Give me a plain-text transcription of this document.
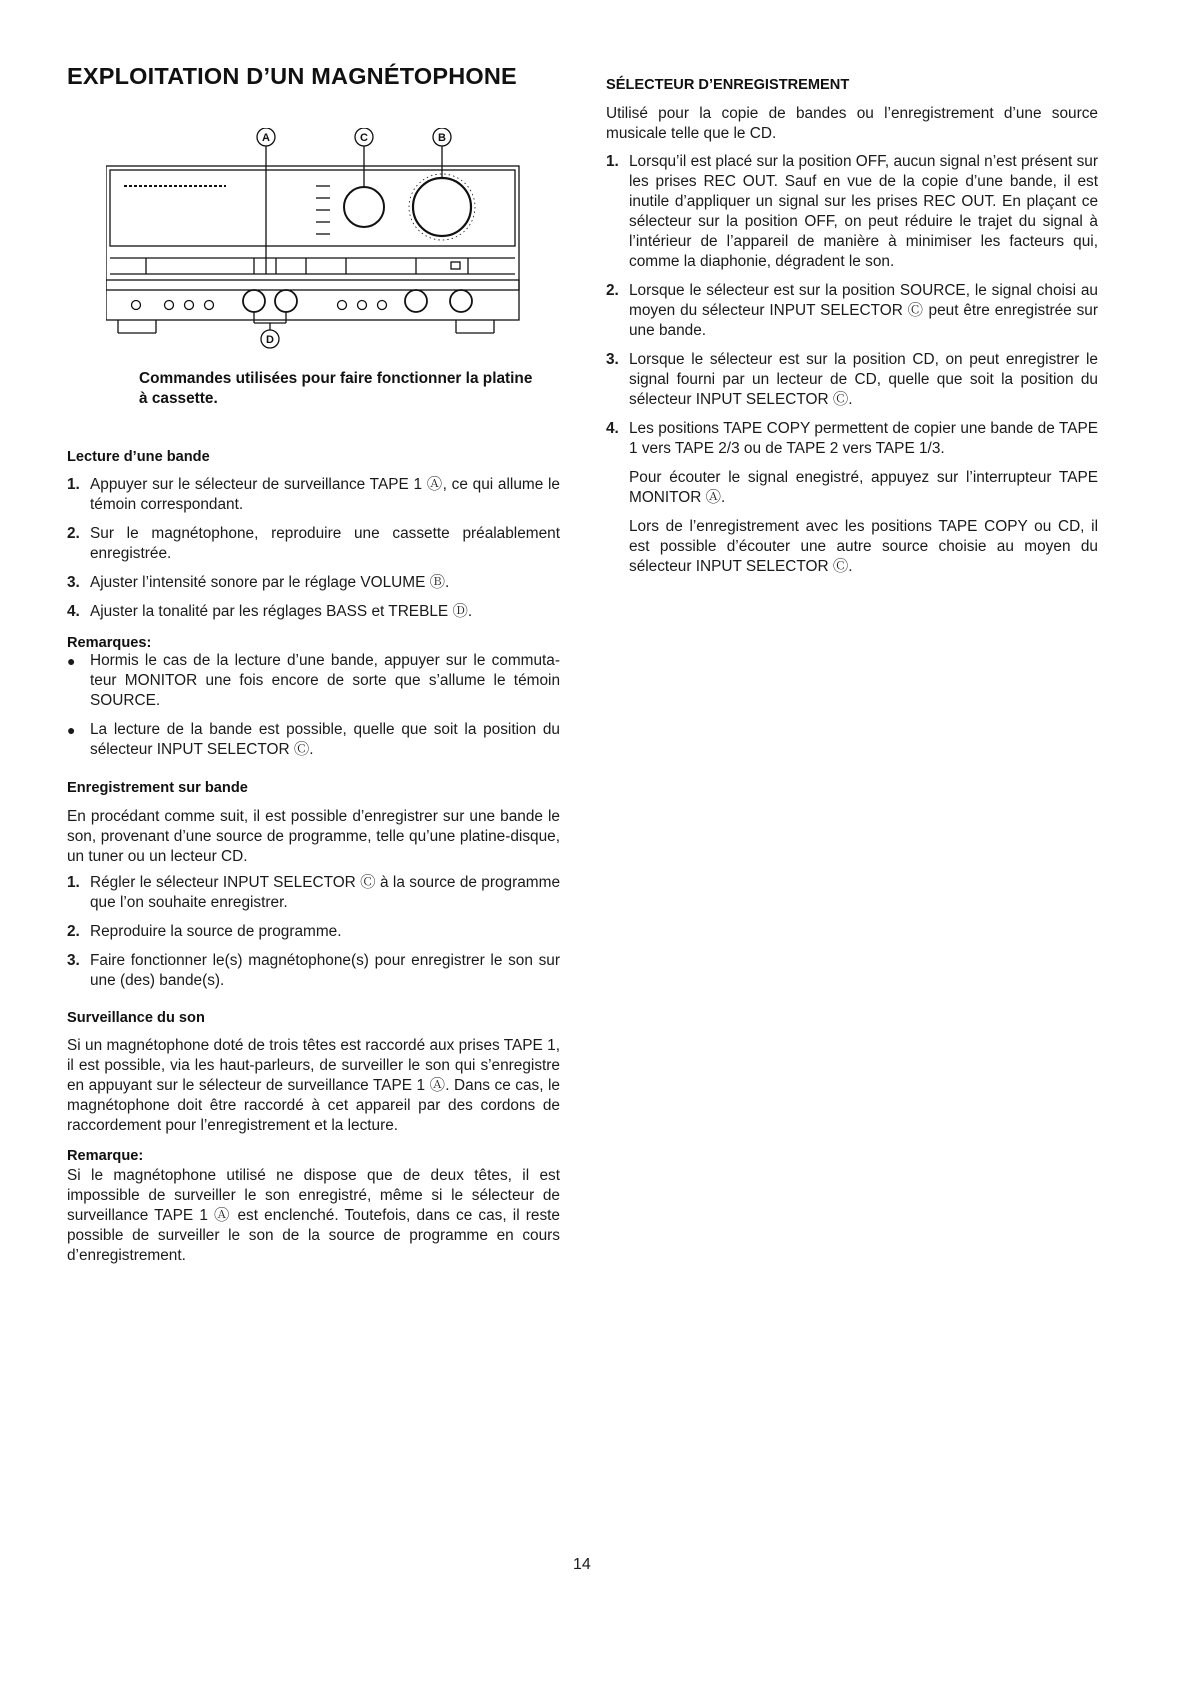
EXPLOITATION D’UN MAGNÉTOPHONE
A	C	B
D
Commandes utilisées pour faire fonctionner la platine à cassette.
Lecture d’une bande
1. Appuyer sur le sélecteur de surveillance TAPE 1 Ⓐ, ce qui allume le témoin correspondant.
2. Sur le magnétophone, reproduire une cassette préalablement enregistrée.
3. Ajuster l’intensité sonore par le réglage VOLUME Ⓑ.
4. Ajuster la tonalité par les réglages BASS et TREBLE Ⓓ.
Remarques:
● Hormis le cas de la lecture d’une bande, appuyer sur le commuta-teur MONITOR une fois encore de sorte que s’allume le témoin SOURCE.
● La lecture de la bande est possible, quelle que soit la position du sélecteur INPUT SELECTOR Ⓒ.
Enregistrement sur bande

En procédant comme suit, il est possible d’enregistrer sur une bande le son, provenant d’une source de programme, telle qu’une platine-disque, un tuner ou un lecteur CD.

1. Régler le sélecteur INPUT SELECTOR Ⓒ à la source de programme que l’on souhaite enregistrer.
2. Reproduire la source de programme.
3. Faire fonctionner le(s) magnétophone(s) pour enregistrer le son sur une (des) bande(s).
Surveillance du son

Si un magnétophone doté de trois têtes est raccordé aux prises TAPE 1, il est possible, via les haut-parleurs, de surveiller le son qui s’enregistre en appuyant sur le sélecteur de surveillance TAPE 1 Ⓐ. Dans ce cas, le magnétophone doit être raccordé à cet appareil par des cordons de raccordement pour l’enregistrement et la lecture.

Remarque:

Si le magnétophone utilisé ne dispose que de deux têtes, il est impossible de surveiller le son enregistré, même si le sélecteur de surveillance TAPE 1 Ⓐ est enclenché. Toutefois, dans ce cas, il reste possible de surveiller le son de la source de programme en cours d’enregistrement.

SÉLECTEUR D’ENREGISTREMENT

Utilisé pour la copie de bandes ou l’enregistrement d’une source musicale telle que le CD.

1. Lorsqu’il est placé sur la position OFF, aucun signal n’est présent sur les prises REC OUT. Sauf en vue de la copie d’une bande, il est inutile d’appliquer un signal sur les prises REC OUT. En plaçant ce sélecteur sur la position OFF, on peut réduire le trajet du signal à l’intérieur de l’appareil de manière à minimiser les facteurs qui, comme la diaphonie, dégradent le son.
2. Lorsque le sélecteur est sur la position SOURCE, le signal choisi au moyen du sélecteur INPUT SELECTOR Ⓒ peut être enregistrée sur une bande.
3. Lorsque le sélecteur est sur la position CD, on peut enregistrer le signal fourni par un lecteur de CD, quelle que soit la position du sélecteur INPUT SELECTOR Ⓒ.
4. Les positions TAPE COPY permettent de copier une bande de TAPE 1 vers TAPE 2/3 ou de TAPE 2 vers TAPE 1/3.

Pour écouter le signal enegistré, appuyez sur l’interrupteur TAPE MONITOR Ⓐ.

Lors de l’enregistrement avec les positions TAPE COPY ou CD, il est possible d’écouter une autre source choisie au moyen du sélecteur INPUT SELECTOR Ⓒ.

14
